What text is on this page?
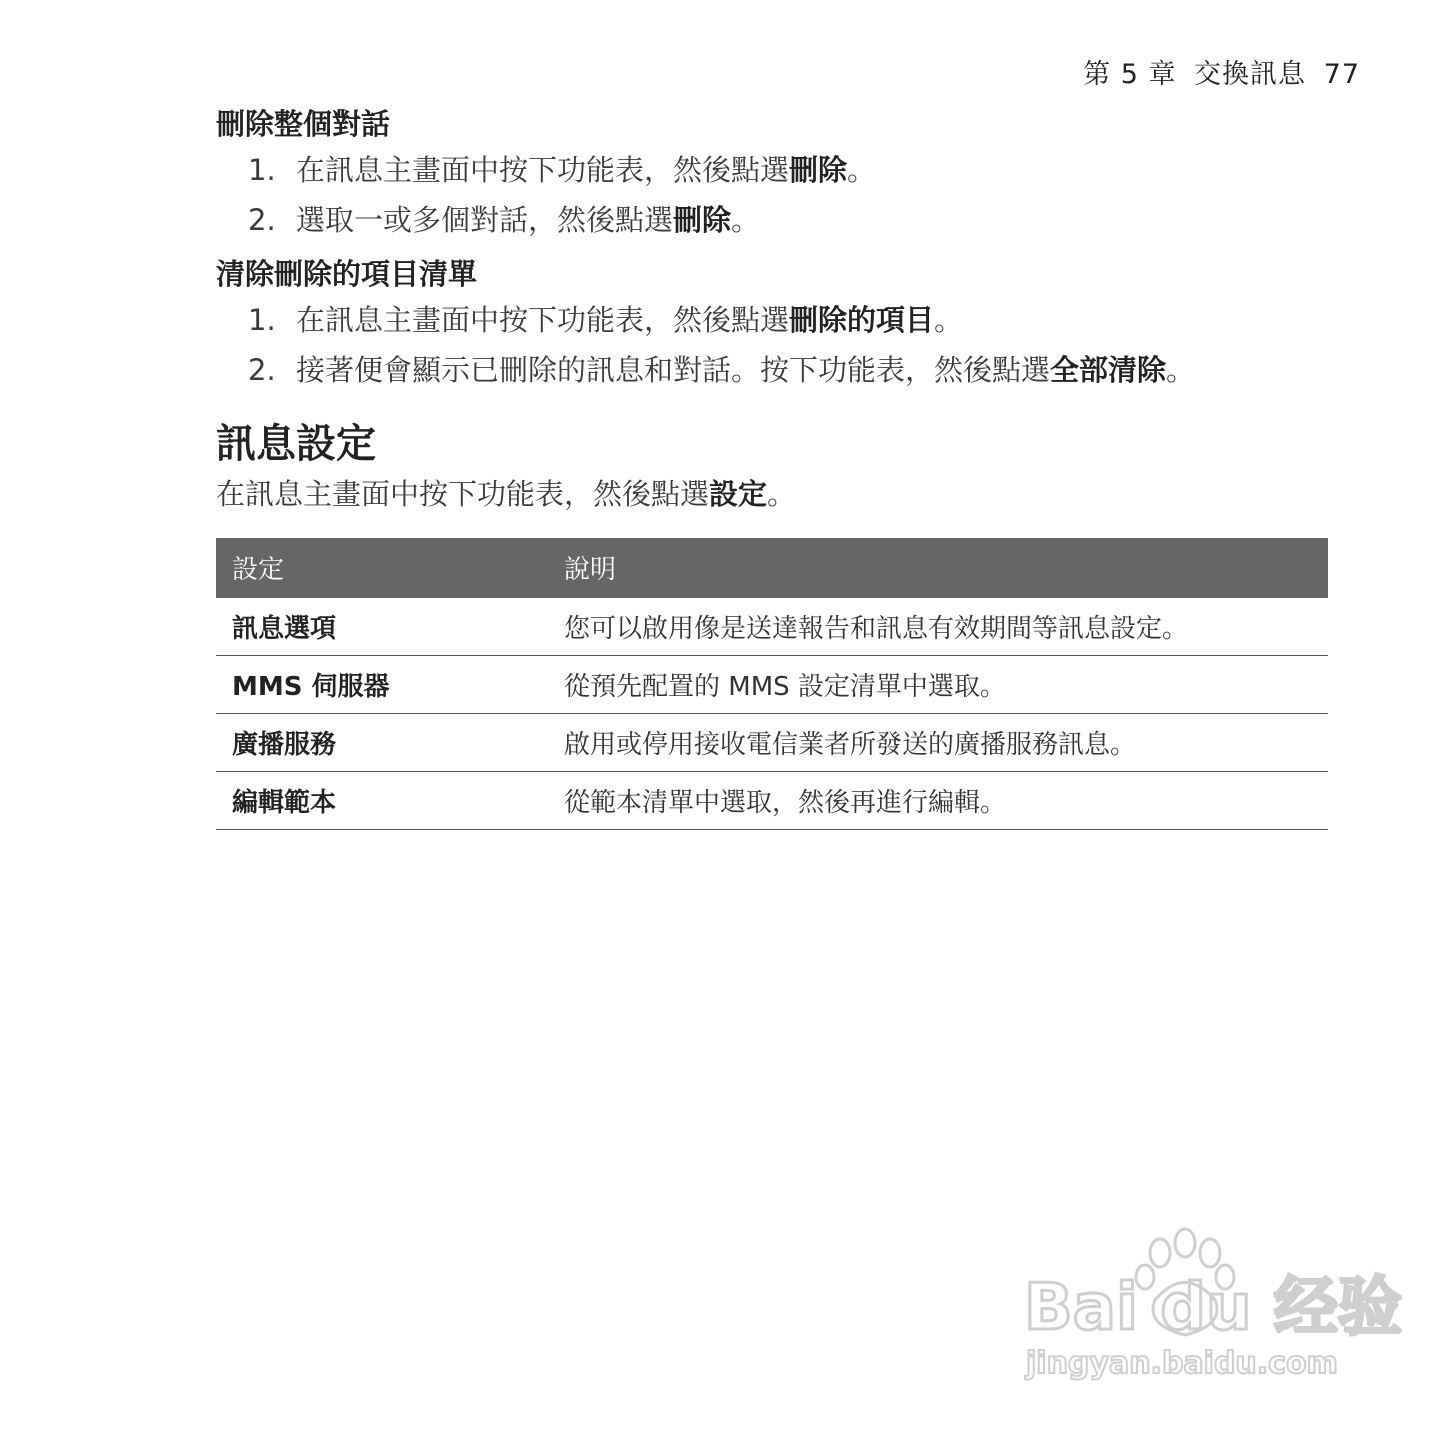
第 5 章 交換訊息 77
刪除整個對話
1. 在訊息主畫面中按下功能表，然後點選刪除。
2. 選取一或多個對話，然後點選刪除。
清除刪除的項目清單
1. 在訊息主畫面中按下功能表，然後點選刪除的項目。
2. 接著便會顯示已刪除的訊息和對話。按下功能表，然後點選全部清除。
訊息設定

在訊息主畫面中按下功能表，然後點選設定。

設定	說明
訊息選項	您可以啟用像是送達報告和訊息有效期間等訊息設定。
MMS 伺服器	從預先配置的 MMS 設定清單中選取。
廣播服務	啟用或停用接收電信業者所發送的廣播服務訊息。
編輯範本	從範本清單中選取，然後再進行編輯。
Bai du 经验
jingyan.baidu.com
